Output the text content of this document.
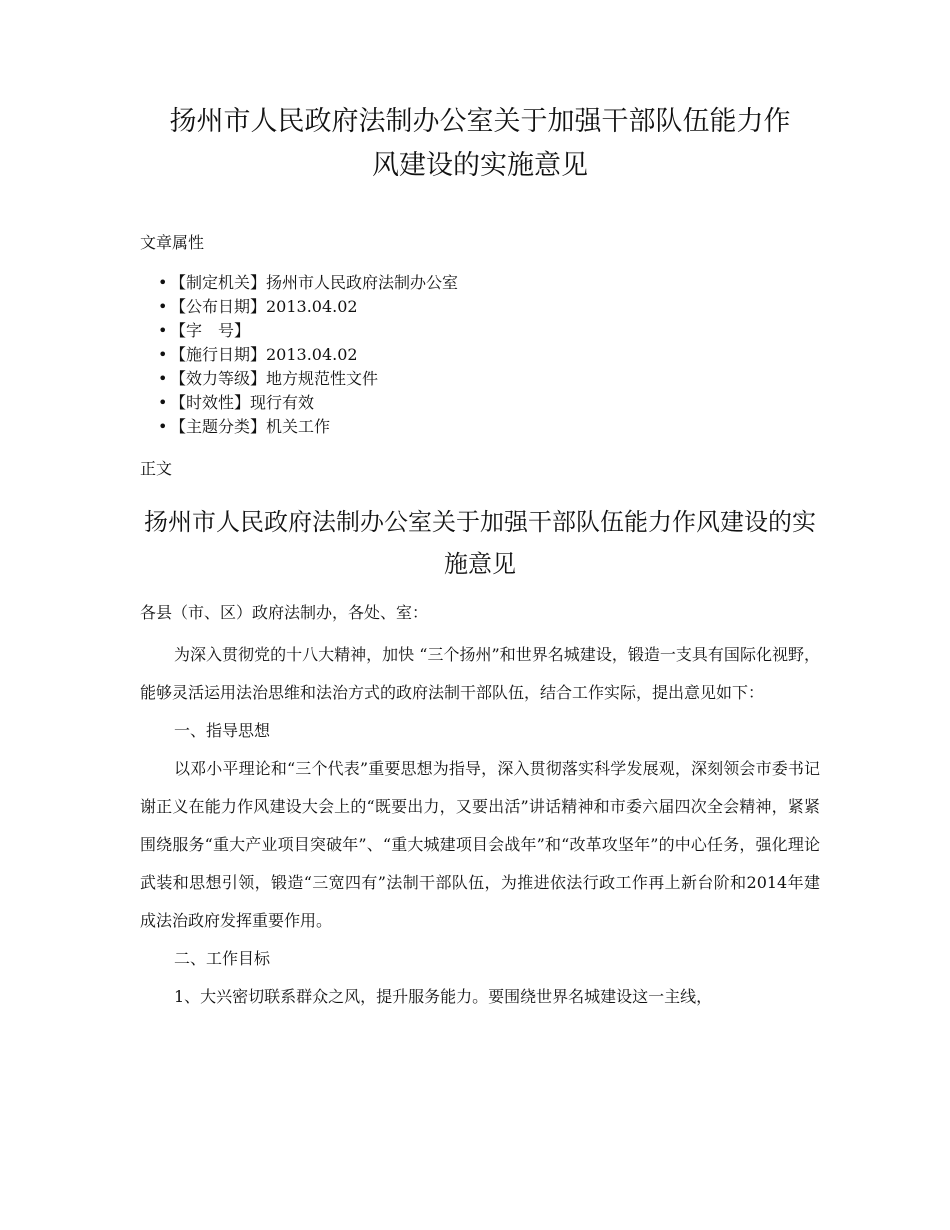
扬州市人民政府法制办公室关于加强干部队伍能力作风建设的实施意见

文章属性

• 【制定机关】扬州市人民政府法制办公室
• 【公布日期】2013.04.02
• 【字　号】
• 【施行日期】2013.04.02
• 【效力等级】地方规范性文件
• 【时效性】现行有效
• 【主题分类】机关工作

正文

扬州市人民政府法制办公室关于加强干部队伍能力作风建设的实施意见

各县（市、区）政府法制办，各处、室：

为深入贯彻党的十八大精神，加快 “三个扬州”和世界名城建设，锻造一支具有国际化视野，能够灵活运用法治思维和法治方式的政府法制干部队伍，结合工作实际，提出意见如下：

一、指导思想

以邓小平理论和“三个代表”重要思想为指导，深入贯彻落实科学发展观，深刻领会市委书记谢正义在能力作风建设大会上的“既要出力，又要出活”讲话精神和市委六届四次全会精神，紧紧围绕服务“重大产业项目突破年”、“重大城建项目会战年”和“改革攻坚年”的中心任务，强化理论武装和思想引领，锻造“三宽四有”法制干部队伍，为推进依法行政工作再上新台阶和2014年建成法治政府发挥重要作用。

二、工作目标

1、大兴密切联系群众之风，提升服务能力。要围绕世界名城建设这一主线，
